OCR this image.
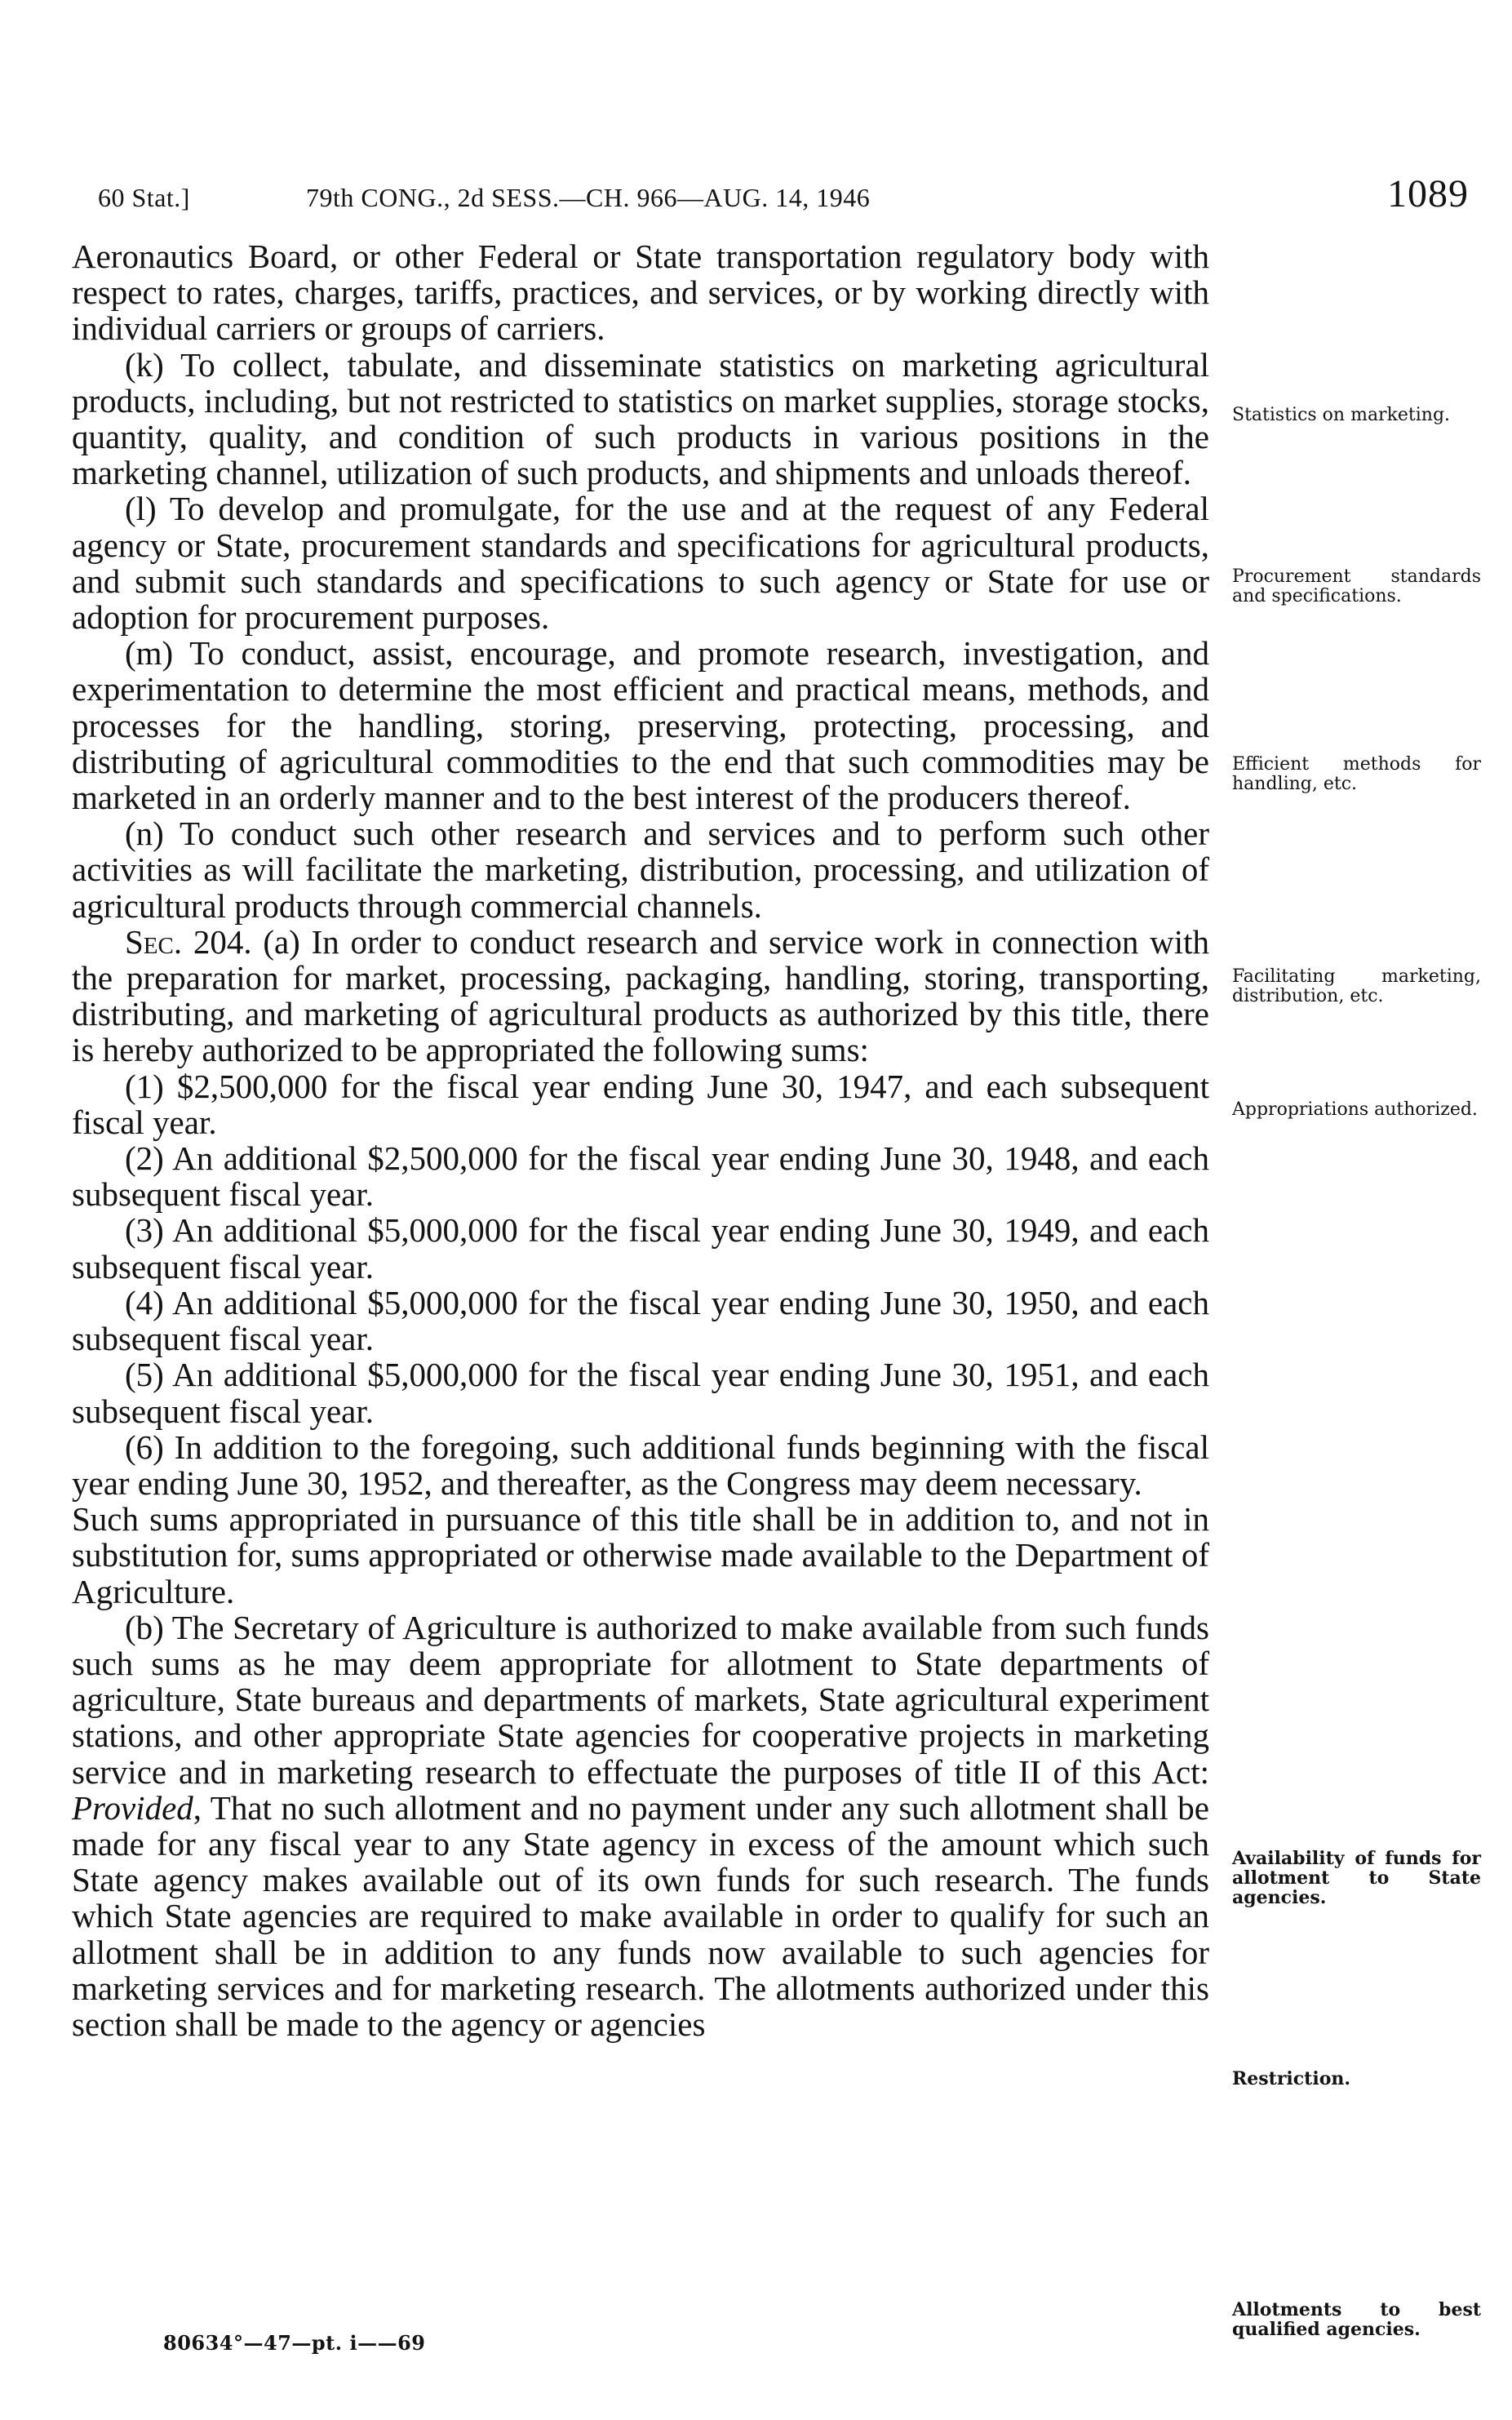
60 Stat.]	79th CONG., 2d SESS.—CH. 966—AUG. 14, 1946	1089

Aeronautics Board, or other Federal or State transportation regulatory body with respect to rates, charges, tariffs, practices, and services, or by working directly with individual carriers or groups of carriers.

(k) To collect, tabulate, and disseminate statistics on marketing agricultural products, including, but not restricted to statistics on market supplies, storage stocks, quantity, quality, and condition of such products in various positions in the marketing channel, utilization of such products, and shipments and unloads thereof.

(l) To develop and promulgate, for the use and at the request of any Federal agency or State, procurement standards and specifications for agricultural products, and submit such standards and specifications to such agency or State for use or adoption for procurement purposes.

(m) To conduct, assist, encourage, and promote research, investigation, and experimentation to determine the most efficient and practical means, methods, and processes for the handling, storing, preserving, protecting, processing, and distributing of agricultural commodities to the end that such commodities may be marketed in an orderly manner and to the best interest of the producers thereof.

(n) To conduct such other research and services and to perform such other activities as will facilitate the marketing, distribution, processing, and utilization of agricultural products through commercial channels.

Sec. 204. (a) In order to conduct research and service work in connection with the preparation for market, processing, packaging, handling, storing, transporting, distributing, and marketing of agricultural products as authorized by this title, there is hereby authorized to be appropriated the following sums:

(1) $2,500,000 for the fiscal year ending June 30, 1947, and each subsequent fiscal year.

(2) An additional $2,500,000 for the fiscal year ending June 30, 1948, and each subsequent fiscal year.

(3) An additional $5,000,000 for the fiscal year ending June 30, 1949, and each subsequent fiscal year.

(4) An additional $5,000,000 for the fiscal year ending June 30, 1950, and each subsequent fiscal year.

(5) An additional $5,000,000 for the fiscal year ending June 30, 1951, and each subsequent fiscal year.

(6) In addition to the foregoing, such additional funds beginning with the fiscal year ending June 30, 1952, and thereafter, as the Congress may deem necessary.

Such sums appropriated in pursuance of this title shall be in addition to, and not in substitution for, sums appropriated or otherwise made available to the Department of Agriculture.

(b) The Secretary of Agriculture is authorized to make available from such funds such sums as he may deem appropriate for allotment to State departments of agriculture, State bureaus and departments of markets, State agricultural experiment stations, and other appropriate State agencies for cooperative projects in marketing service and in marketing research to effectuate the purposes of title II of this Act: Provided, That no such allotment and no payment under any such allotment shall be made for any fiscal year to any State agency in excess of the amount which such State agency makes available out of its own funds for such research. The funds which State agencies are required to make available in order to qualify for such an allotment shall be in addition to any funds now available to such agencies for marketing services and for marketing research. The allotments authorized under this section shall be made to the agency or agencies

Statistics on marketing.
Procurement standards and specifications.
Efficient methods for handling, etc.
Facilitating marketing, distribution, etc.
Appropriations authorized.
Availability of funds for allotment to State agencies.
Restriction.
Allotments to best qualified agencies.
80634°—47—pt. i——69
